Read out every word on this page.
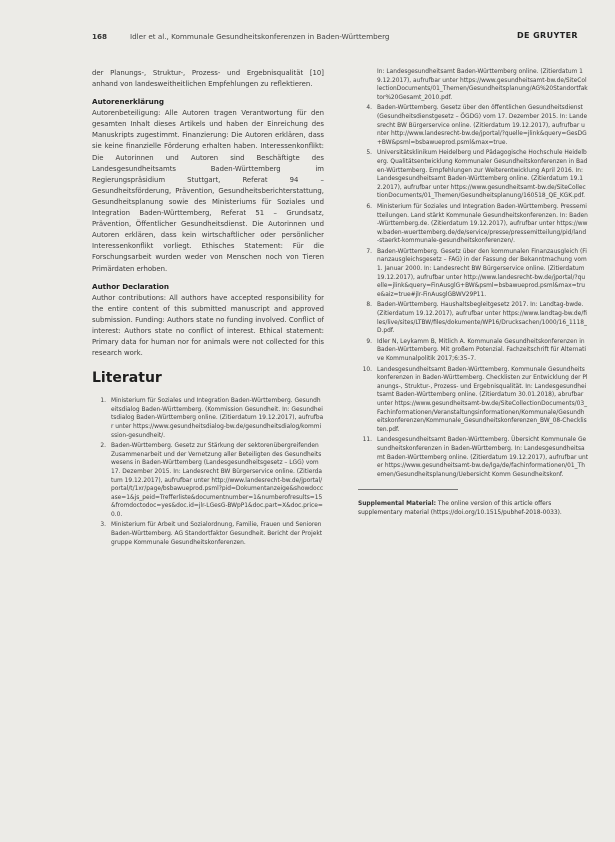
168	Idler et al., Kommunale Gesundheitskonferenzen in Baden-Württemberg	DE GRUYTER

der Planungs-, Struktur-, Prozess- und Ergebnisqualität [10] anhand von landesweitheitlichen Empfehlungen zu reflektieren.

Autorenerklärung

Autorenbeteiligung: Alle Autoren tragen Verantwortung für den gesamten Inhalt dieses Artikels und haben der Einreichung des Manuskripts zugestimmt. Finanzierung: Die Autoren erklären, dass sie keine finanzielle Förderung erhalten haben. Interessenkonflikt: Die Autorinnen und Autoren sind Beschäftigte des Landesgesundheitsamts Baden-Württemberg im Regierungspräsidium Stuttgart, Referat 94 – Gesundheitsförderung, Prävention, Gesundheitsberichterstattung, Gesundheitsplanung sowie des Ministeriums für Soziales und Integration Baden-Württemberg, Referat 51 – Grundsatz, Prävention, Öffentlicher Gesundheitsdienst. Die Autorinnen und Autoren erklären, dass kein wirtschaftlicher oder persönlicher Interessenkonflikt vorliegt. Ethisches Statement: Für die Forschungsarbeit wurden weder von Menschen noch von Tieren Primärdaten erhoben.

Author Declaration

Author contributions: All authors have accepted responsibility for the entire content of this submitted manuscript and approved submission. Funding: Authors state no funding involved. Conflict of interest: Authors state no conflict of interest. Ethical statement: Primary data for human nor for animals were not collected for this research work.

Literatur
1. Ministerium für Soziales und Integration Baden-Württemberg. Gesundheitsdialog Baden-Württemberg. (Kommission Gesundheit. In: Gesundheitsdialog Baden-Württemberg online. (Zitierdatum 19.12.2017), aufrufbar unter https://www.gesundheitsdialog-bw.de/gesundheitsdialog/kommission-gesundheit/.
2. Baden-Württemberg. Gesetz zur Stärkung der sektorenübergreifenden Zusammenarbeit und der Vernetzung aller Beteiligten des Gesundheitswesens in Baden-Württemberg (Landesgesundheitsgesetz – LGG) vom 17. Dezember 2015. In: Landesrecht BW Bürgerservice online. (Zitierdatum 19.12.2017), aufrufbar unter http://www.landesrecht-bw.de/jportal/portal/t/1xr/page/bsbawueprod.psml?pid=Dokumentanzeige&showdoccase=1&js_peid=Trefferliste&documentnumber=1&numberofresults=15&fromdoctodoc=yes&doc.id=jlr-LGesG-BWpP1&doc.part=X&doc.price=0.0.
3. Ministerium für Arbeit und Sozialordnung, Familie, Frauen und Senioren Baden-Württemberg. AG Standortfaktor Gesundheit. Bericht der Projektgruppe Kommunale Gesundheitskonferenzen.
In: Landesgesundheitsamt Baden-Württemberg online. (Zitierdatum 19.12.2017), aufrufbar unter https://www.gesundheitsamt-bw.de/SiteCollectionDocuments/01_Themen/Gesundheitsplanung/AG%20Standortfaktor%20Gesamt_2010.pdf.
4. Baden-Württemberg. Gesetz über den öffentlichen Gesundheitsdienst (Gesundheitsdienstgesetz – ÖGDG) vom 17. Dezember 2015. In: Landesrecht BW Bürgerservice online. (Zitierdatum 19.12.2017), aufrufbar unter http://www.landesrecht-bw.de/jportal/?quelle=jlink&query=GesDG+BW&psml=bsbawueprod.psml&max=true.
5. Universitätsklinikum Heidelberg und Pädagogische Hochschule Heidelberg. Qualitätsentwicklung Kommunaler Gesundheitskonferenzen in Baden-Württemberg. Empfehlungen zur Weiterentwicklung April 2016. In: Landesgesundheitsamt Baden-Württemberg online. (Zitierdatum 19.12.2017), aufrufbar unter https://www.gesundheitsamt-bw.de/SiteCollectionDocuments/01_Themen/Gesundheitsplanung/160518_QE_KGK.pdf.
6. Ministerium für Soziales und Integration Baden-Württemberg. Pressemitteilungen. Land stärkt Kommunale Gesundheitskonferenzen. In: Baden-Württemberg.de. (Zitierdatum 19.12.2017), aufrufbar unter https://www.baden-wuerttemberg.de/de/service/presse/pressemitteilung/pid/land-staerkt-kommunale-gesundheitskonferenzen/.
7. Baden-Württemberg. Gesetz über den kommunalen Finanzausgleich (Finanzausgleichsgesetz – FAG) in der Fassung der Bekanntmachung vom 1. Januar 2000. In: Landesrecht BW Bürgerservice online. (Zitierdatum 19.12.2017), aufrufbar unter http://www.landesrecht-bw.de/jportal/?quelle=jlink&query=FinAusglG+BW&psml=bsbawueprod.psml&max=true&aiz=true#jlr-FinAusglGBWV29P11.
8. Baden-Württemberg. Haushaltsbegleitgesetz 2017. In: Landtag-bwde. (Zitierdatum 19.12.2017), aufrufbar unter https://www.landtag-bw.de/files/live/sites/LTBW/files/dokumente/WP16/Drucksachen/1000/16_1118_D.pdf.
9. Idler N, Leykamm B, Mitlich A. Kommunale Gesundheitskonferenzen in Baden-Württemberg. Mit großem Potenzial. Fachzeitschrift für Alternative Kommunalpolitik 2017;6:35–7.
10. Landesgesundheitsamt Baden-Württemberg. Kommunale Gesundheitskonferenzen in Baden-Württemberg. Checklisten zur Entwicklung der Planungs-, Struktur-, Prozess- und Ergebnisqualität. In: Landesgesundheitsamt Baden-Württemberg online. (Zitierdatum 30.01.2018), abrufbar unter https://www.gesundheitsamt-bw.de/SiteCollectionDocuments/03_Fachinformationen/Veranstaltungsinformationen/Kommunale/Gesundheitskonferenzen/Kommunale_Gesundheitskonferenzen_BW_08-Checklisten.pdf.
11. Landesgesundheitsamt Baden-Württemberg. Übersicht Kommunale Gesundheitskonferenzen in Baden-Württemberg. In: Landesgesundheitsamt Baden-Württemberg online. (Zitierdatum 19.12.2017), aufrufbar unter https://www.gesundheitsamt-bw.de/lga/de/fachinformationen/01_Themen/Gesundheitsplanung/Uebersicht Komm Gesundheitskonf.
Supplemental Material: The online version of this article offers supplementary material (https://doi.org/10.1515/pubhef-2018-0033).
